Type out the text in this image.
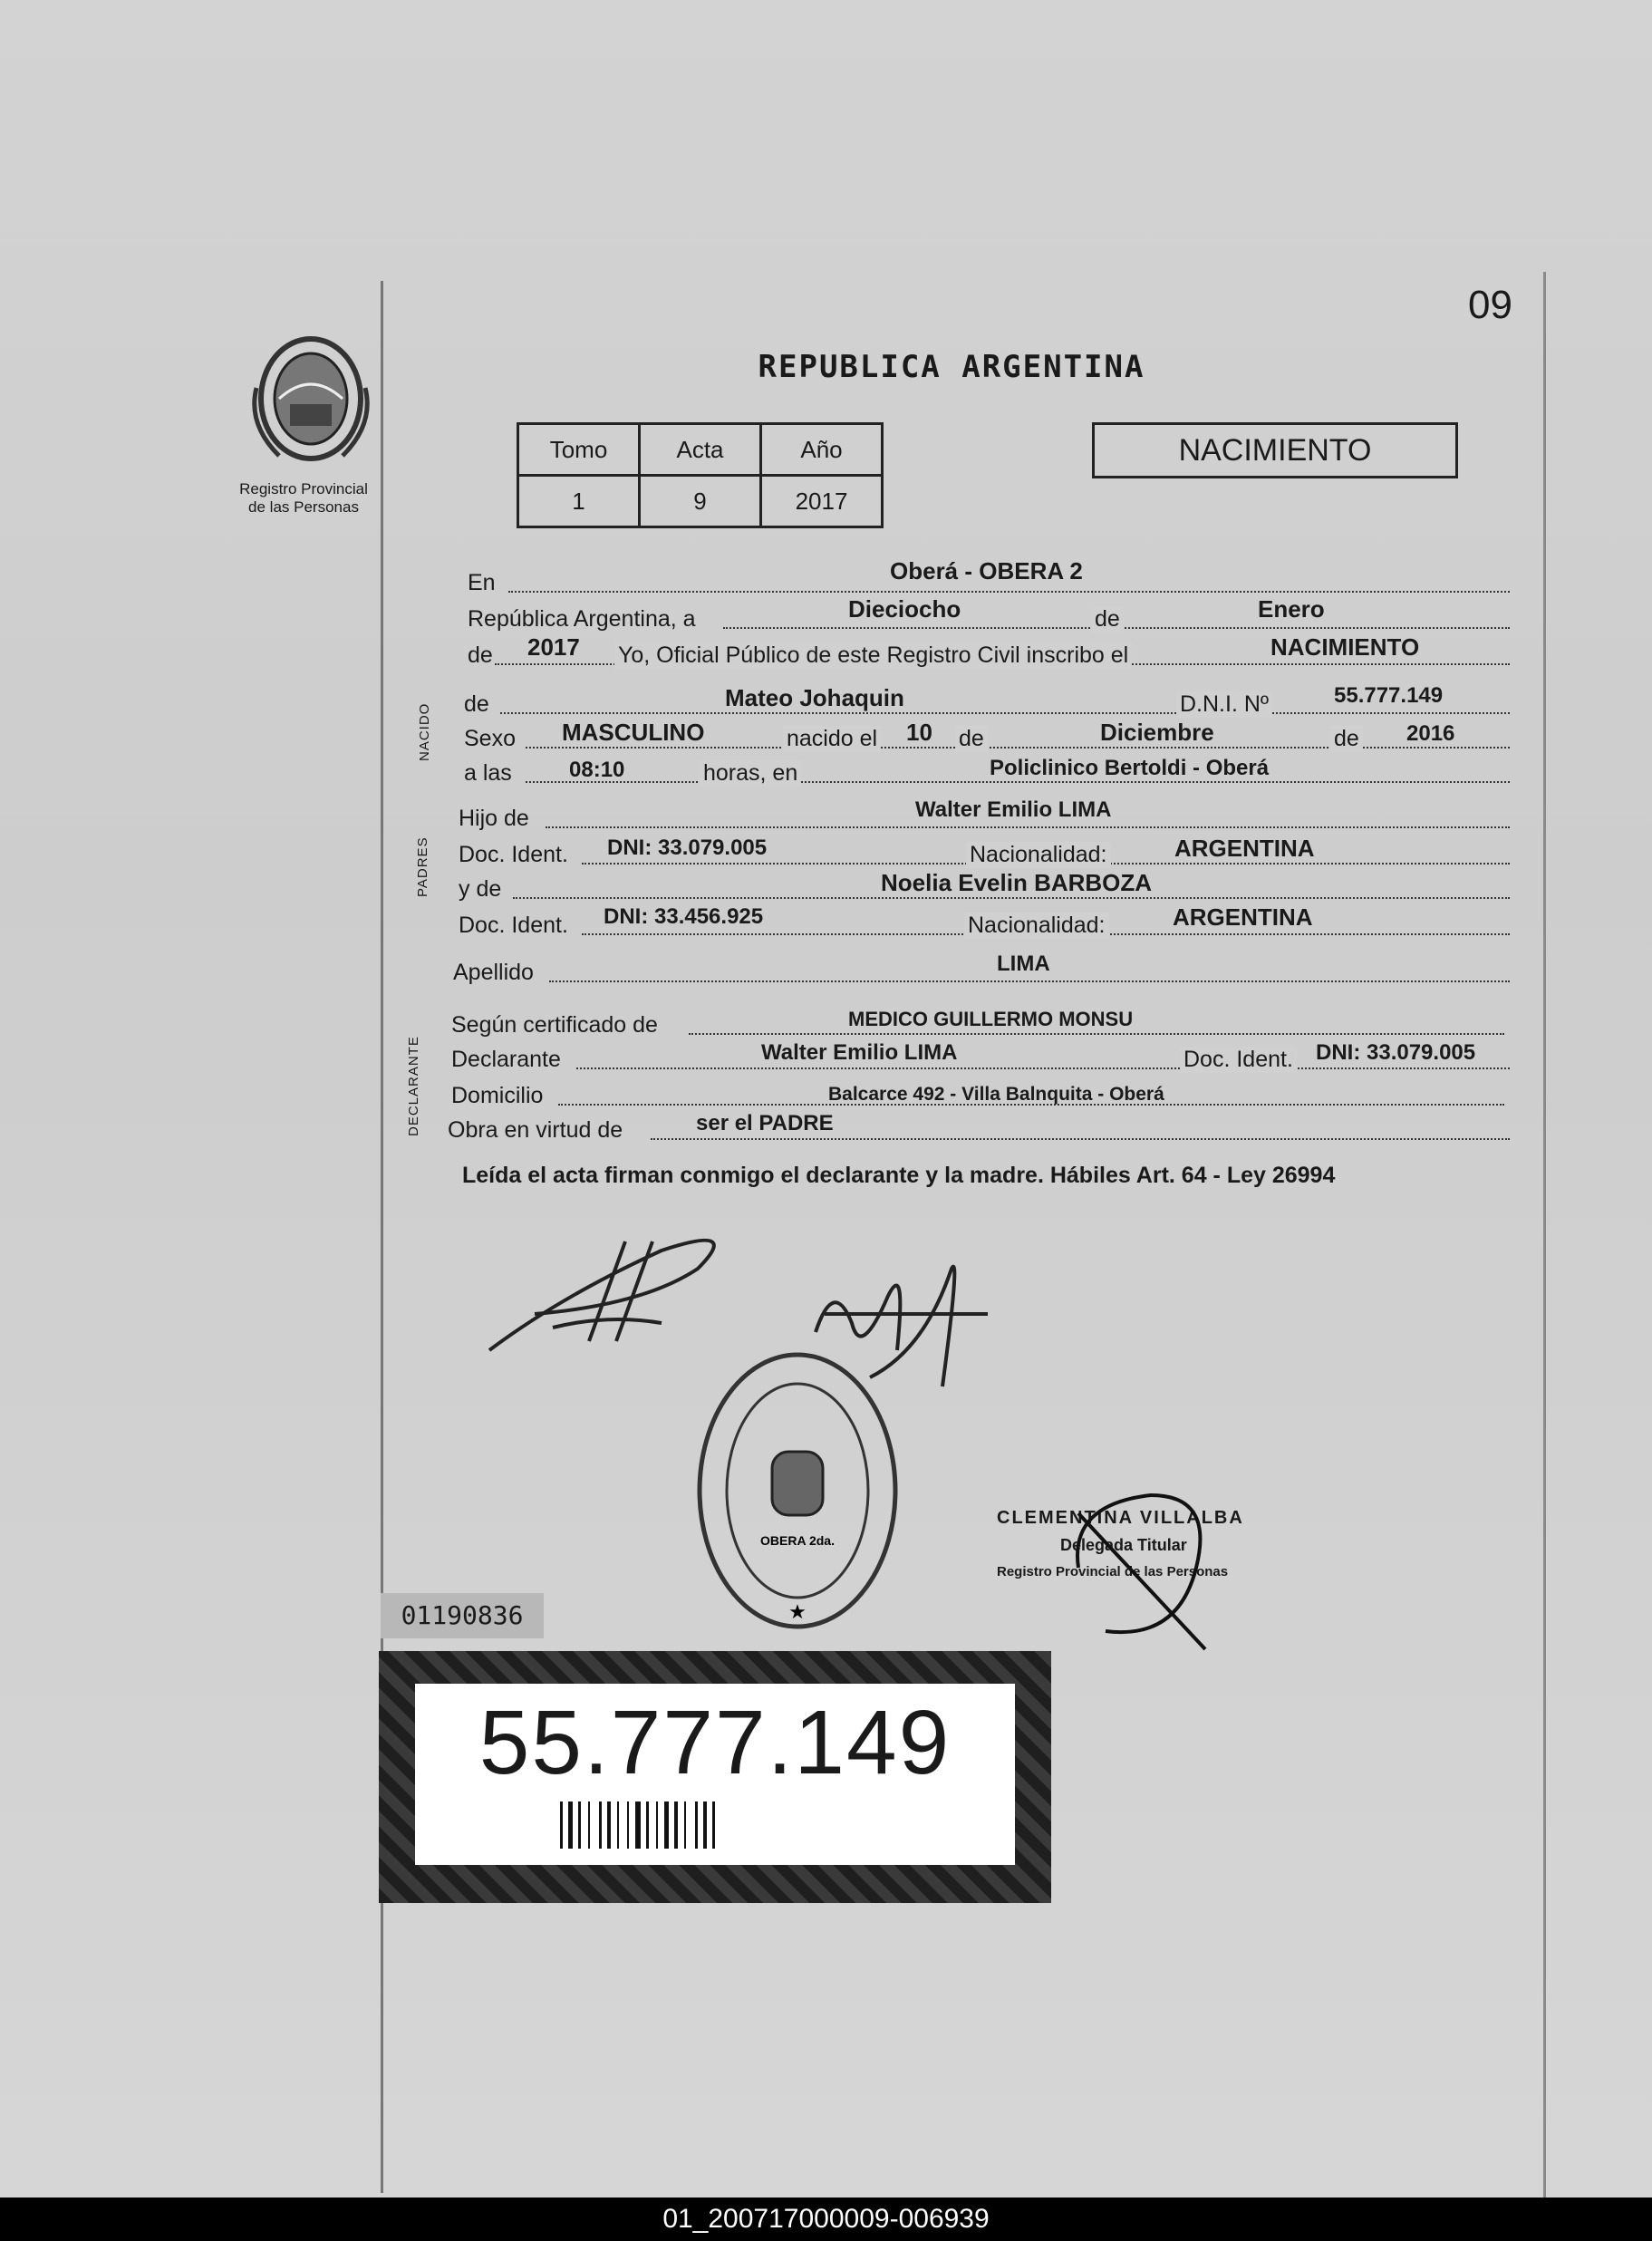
09
Registro Provincial
de las Personas
REPUBLICA ARGENTINA
Tomo	Acta	Año
1	9	2017
NACIMIENTO
En	Oberá - OBERA 2
República Argentina, a	Dieciocho	de	Enero
de 2017 Yo, Oficial Público de este Registro Civil inscribo el	NACIMIENTO
NACIDO de	Mateo Johaquin	D.N.I. Nº	55.777.149
Sexo MASCULINO	nacido el 10 de	Diciembre	de 2016
a las	08:10	horas, en	Policlinico Bertoldi - Oberá
PADRES
Hijo de	Walter Emilio LIMA
Doc. Ident. DNI: 33.079.005	Nacionalidad:	ARGENTINA
y de	Noelia Evelin BARBOZA
Doc. Ident. DNI: 33.456.925	Nacionalidad:	ARGENTINA
Apellido	LIMA
DECLARANTE
Según certificado de	MEDICO GUILLERMO MONSU
Declarante	Walter Emilio LIMA	Doc. Ident. DNI: 33.079.005
Domicilio	Balcarce 492 - Villa Balnquita - Oberá
Obra en virtud de	ser el PADRE
Leída el acta firman conmigo el declarante y la madre. Hábiles Art. 64 - Ley 26994
OBERA 2da.
★
CLEMENTINA VILLALBA
Delegada Titular
Registro Provincial de las Personas
01190836
55.777.149
01_200717000009-006939
